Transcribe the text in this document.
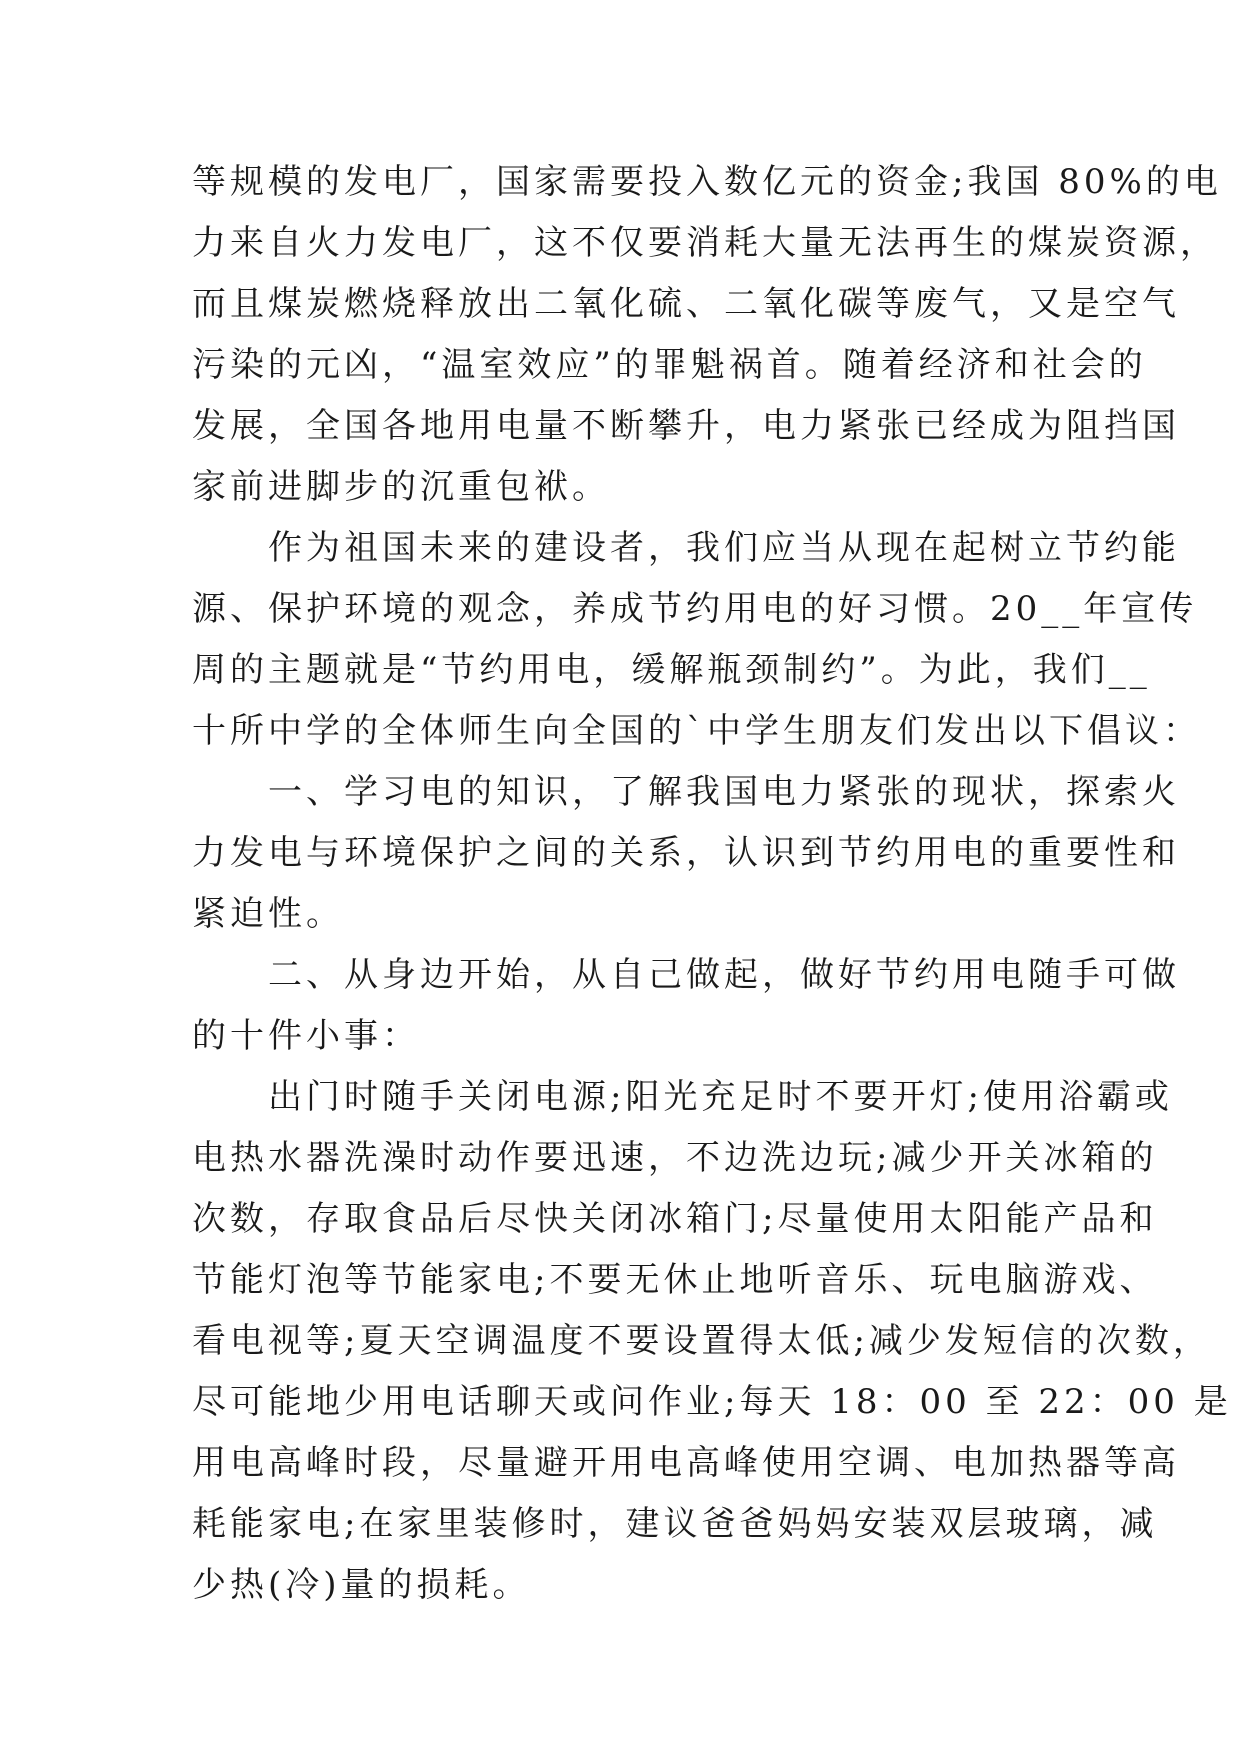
等规模的发电厂，国家需要投入数亿元的资金;我国 80%的电

力来自火力发电厂，这不仅要消耗大量无法再生的煤炭资源，

而且煤炭燃烧释放出二氧化硫、二氧化碳等废气，又是空气

污染的元凶，“温室效应”的罪魁祸首。随着经济和社会的

发展，全国各地用电量不断攀升，电力紧张已经成为阻挡国

家前进脚步的沉重包袱。

　　作为祖国未来的建设者，我们应当从现在起树立节约能

源、保护环境的观念，养成节约用电的好习惯。20__年宣传

周的主题就是“节约用电，缓解瓶颈制约”。为此，我们__

十所中学的全体师生向全国的`中学生朋友们发出以下倡议：

　　一、学习电的知识，了解我国电力紧张的现状，探索火

力发电与环境保护之间的关系，认识到节约用电的重要性和

紧迫性。

　　二、从身边开始，从自己做起，做好节约用电随手可做

的十件小事：

　　出门时随手关闭电源;阳光充足时不要开灯;使用浴霸或

电热水器洗澡时动作要迅速，不边洗边玩;减少开关冰箱的

次数，存取食品后尽快关闭冰箱门;尽量使用太阳能产品和

节能灯泡等节能家电;不要无休止地听音乐、玩电脑游戏、

看电视等;夏天空调温度不要设置得太低;减少发短信的次数，

尽可能地少用电话聊天或问作业;每天 18：00 至 22：00 是

用电高峰时段，尽量避开用电高峰使用空调、电加热器等高

耗能家电;在家里装修时，建议爸爸妈妈安装双层玻璃，减

少热(冷)量的损耗。
